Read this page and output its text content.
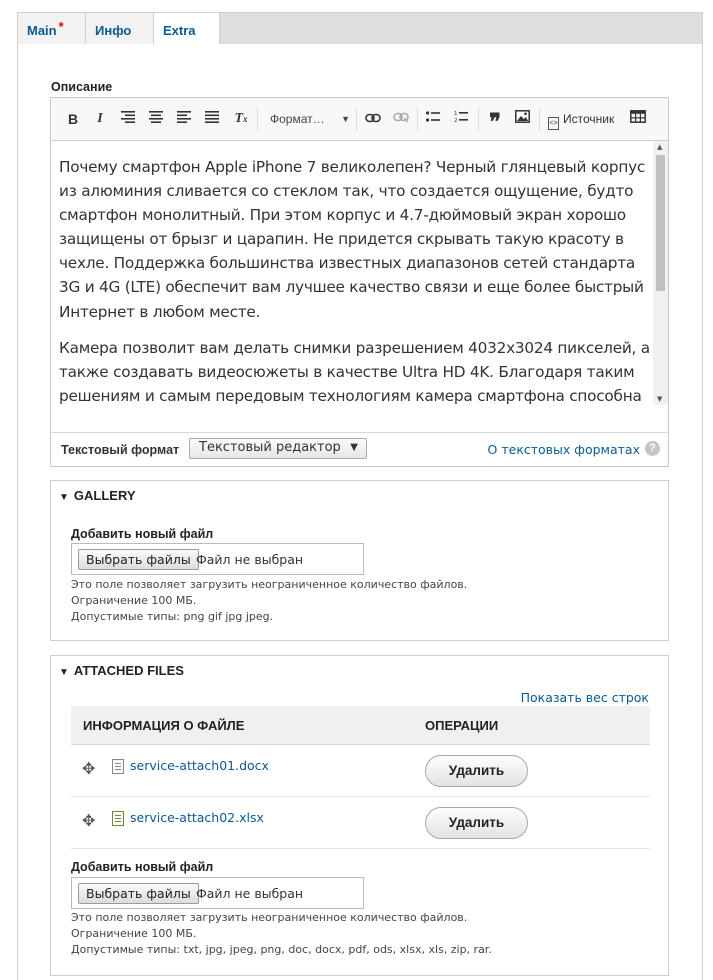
Main *	Инфо	Extra
Описание
B	I	Tx	Формат… ▼	1
2 ❞	<> Источник

Почему смартфон Apple iPhone 7 великолепен? Черный глянцевый корпус из алюминия сливается со стеклом так, что создается ощущение, будто смартфон монолитный. При этом корпус и 4.7-дюймовый экран хорошо защищены от брызг и царапин. Не придется скрывать такую красоту в чехле. Поддержка большинства известных диапазонов сетей стандарта 3G и 4G (LTE) обеспечит вам лучшее качество связи и еще более быстрый Интернет в любом месте.

Камера позволит вам делать снимки разрешением 4032x3024 пикселей, а также создавать видеосюжеты в качестве Ultra HD 4K. Благодаря таким решениям и самым передовым технологиям камера смартфона способна

▲
▼
Текстовый формат	Текстовый редактор ▼	О текстовых форматах ?
▼ GALLERY
Добавить новый файл
Выбрать файлы Файл не выбран
Это поле позволяет загрузить неограниченное количество файлов.
Ограничение 100 МБ.
Допустимые типы: png gif jpg jpeg.
▼ ATTACHED FILES
Показать вес строк
ИНФОРМАЦИЯ О ФАЙЛЕ	ОПЕРАЦИИ
✥	service-attach01.docx	Удалить
✥	service-attach02.xlsx	Удалить
Добавить новый файл
Выбрать файлы Файл не выбран
Это поле позволяет загрузить неограниченное количество файлов.
Ограничение 100 МБ.
Допустимые типы: txt, jpg, jpeg, png, doc, docx, pdf, ods, xlsx, xls, zip, rar.
